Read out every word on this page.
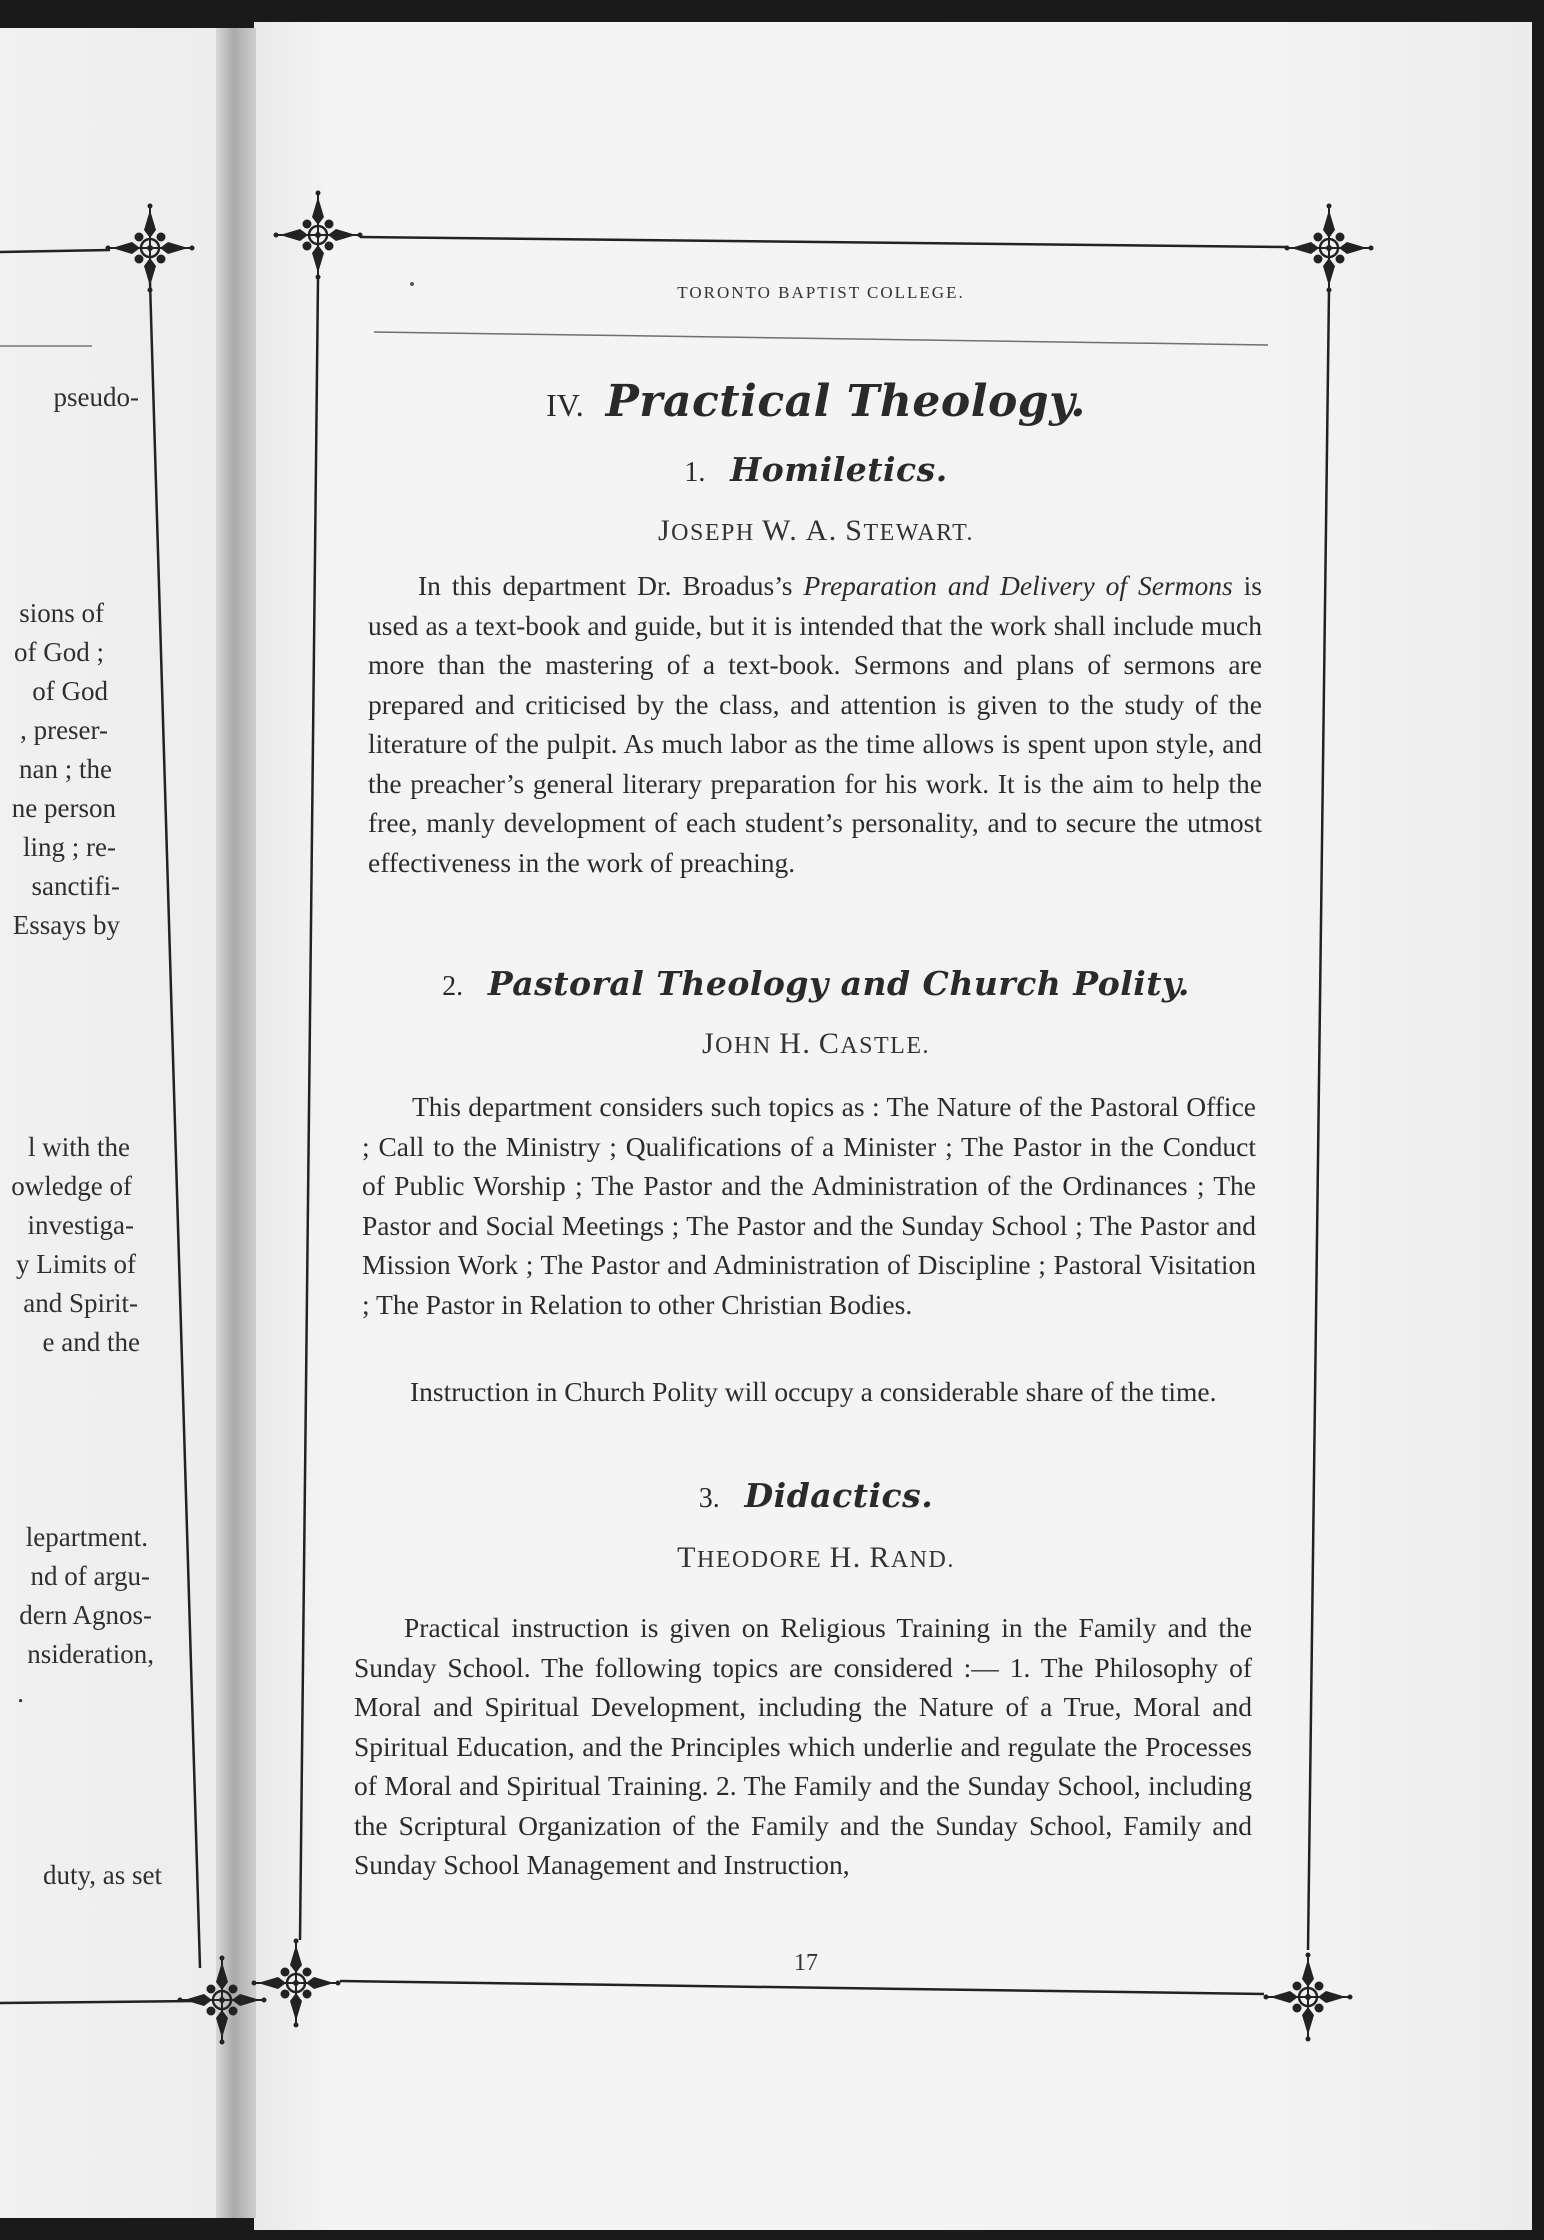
pseudo-
sions of
of God ;
of God
, preser-
nan ; the
ne person
ling ; re-
sanctifi-
Essays by
l with the
owledge of
investiga-
y Limits of
and Spirit-
e and the
lepartment.
nd of argu-
dern Agnos-
nsideration,
.
duty, as set
TORONTO BAPTIST COLLEGE.
IV. Practical Theology.
1. Homiletics.
JOSEPH W. A. STEWART.

In this department Dr. Broadus’s Preparation and Delivery of Sermons is used as a text-book and guide, but it is intended that the work shall include much more than the mastering of a text-book. Sermons and plans of sermons are prepared and criticised by the class, and attention is given to the study of the literature of the pulpit. As much labor as the time allows is spent upon style, and the preacher’s general literary preparation for his work. It is the aim to help the free, manly development of each student’s personality, and to secure the utmost effectiveness in the work of preaching.

2. Pastoral Theology and Church Polity.
JOHN H. CASTLE.

This department considers such topics as : The Nature of the Pastoral Office ; Call to the Ministry ; Qualifications of a Minister ; The Pastor in the Conduct of Public Worship ; The Pastor and the Administration of the Ordinances ; The Pastor and Social Meetings ; The Pastor and the Sunday School ; The Pastor and Mission Work ; The Pastor and Administration of Discipline ; Pastoral Visitation ; The Pastor in Relation to other Christian Bodies.

Instruction in Church Polity will occupy a considerable share of the time.

3. Didactics.
THEODORE H. RAND.

Practical instruction is given on Religious Training in the Family and the Sunday School. The following topics are considered :— 1. The Philosophy of Moral and Spiritual Development, including the Nature of a True, Moral and Spiritual Education, and the Principles which underlie and regulate the Processes of Moral and Spiritual Training. 2. The Family and the Sunday School, including the Scriptural Organization of the Family and the Sunday School, Family and Sunday School Management and Instruction,

17
